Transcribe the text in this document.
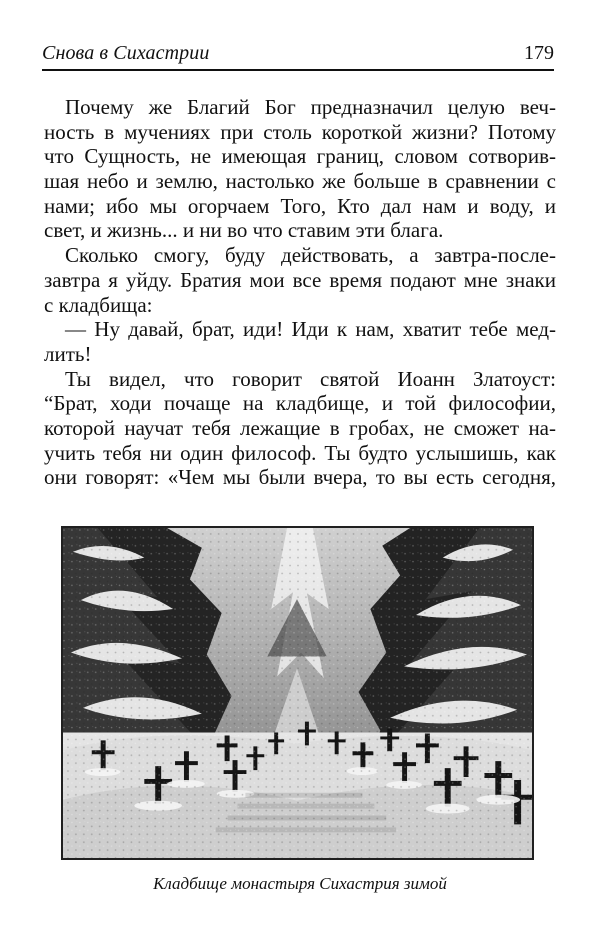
Снова в Сихастрии	179
Почему же Благий Бог предназначил целую веч-
ность в мучениях при столь короткой жизни? Потому
что Сущность, не имеющая границ, словом сотворив-
шая небо и землю, настолько же больше в сравнении с
нами; ибо мы огорчаем Того, Кто дал нам и воду, и
свет, и жизнь... и ни во что ставим эти блага.
Сколько смогу, буду действовать, а завтра-после-
завтра я уйду. Братия мои все время подают мне знаки
с кладбища:
— Ну давай, брат, иди! Иди к нам, хватит тебе мед-
лить!
Ты видел, что говорит святой Иоанн Златоуст:
“Брат, ходи почаще на кладбище, и той философии,
которой научат тебя лежащие в гробах, не сможет на-
учить тебя ни один философ. Ты будто услышишь, как
они говорят: «Чем мы были вчера, то вы есть сегодня,
Кладбище монастыря Сихастрия зимой
